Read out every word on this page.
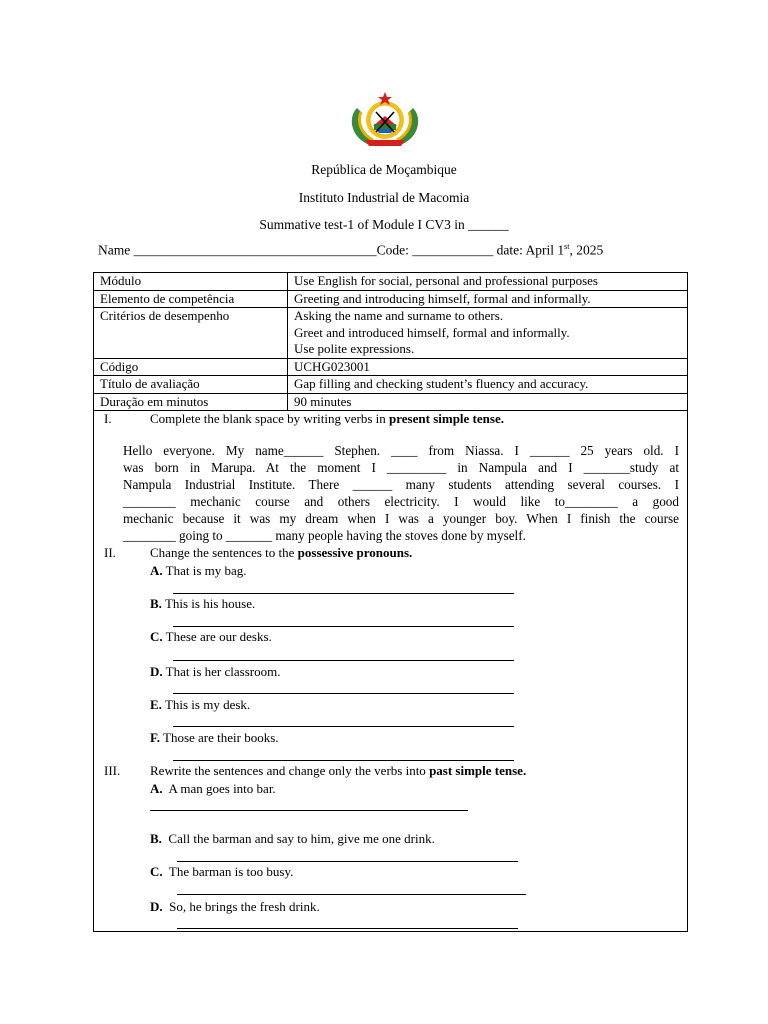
República de Moçambique
Instituto Industrial de Macomia
Summative test-1 of Module I CV3 in ______
Name ____________________________________Code: ____________ date: April 1st, 2025
Módulo	Use English for social, personal and professional purposes
Elemento de competência	Greeting and introducing himself, formal and informally.
Critérios de desempenho	Asking the name and surname to others.
Greet and introduced himself, formal and informally.
Use polite expressions.

Código	UCHG023001
Título de avaliação	Gap filling and checking student’s fluency and accuracy.
Duração em minutos	90 minutes
I.	Complete the blank space by writing verbs in present simple tense.
Hello everyone. My name______ Stephen. ____ from Niassa. I ______ 25 years old. I
was born in Marupa. At the moment I _________ in Nampula and I _______study at
Nampula Industrial Institute. There ______ many students attending several courses. I
________ mechanic course and others electricity. I would like to________ a good
mechanic because it was my dream when I was a younger boy. When I finish the course
________ going to _______ many people having the stoves done by myself.
II.	Change the sentences to the possessive pronouns.
A. That is my bag.
B. This is his house.
C. These are our desks.
D. That is her classroom.
E. This is my desk.
F. Those are their books.
III. Rewrite the sentences and change only the verbs into past simple tense.
A. A man goes into bar.
B. Call the barman and say to him, give me one drink.
C. The barman is too busy.
D. So, he brings the fresh drink.
